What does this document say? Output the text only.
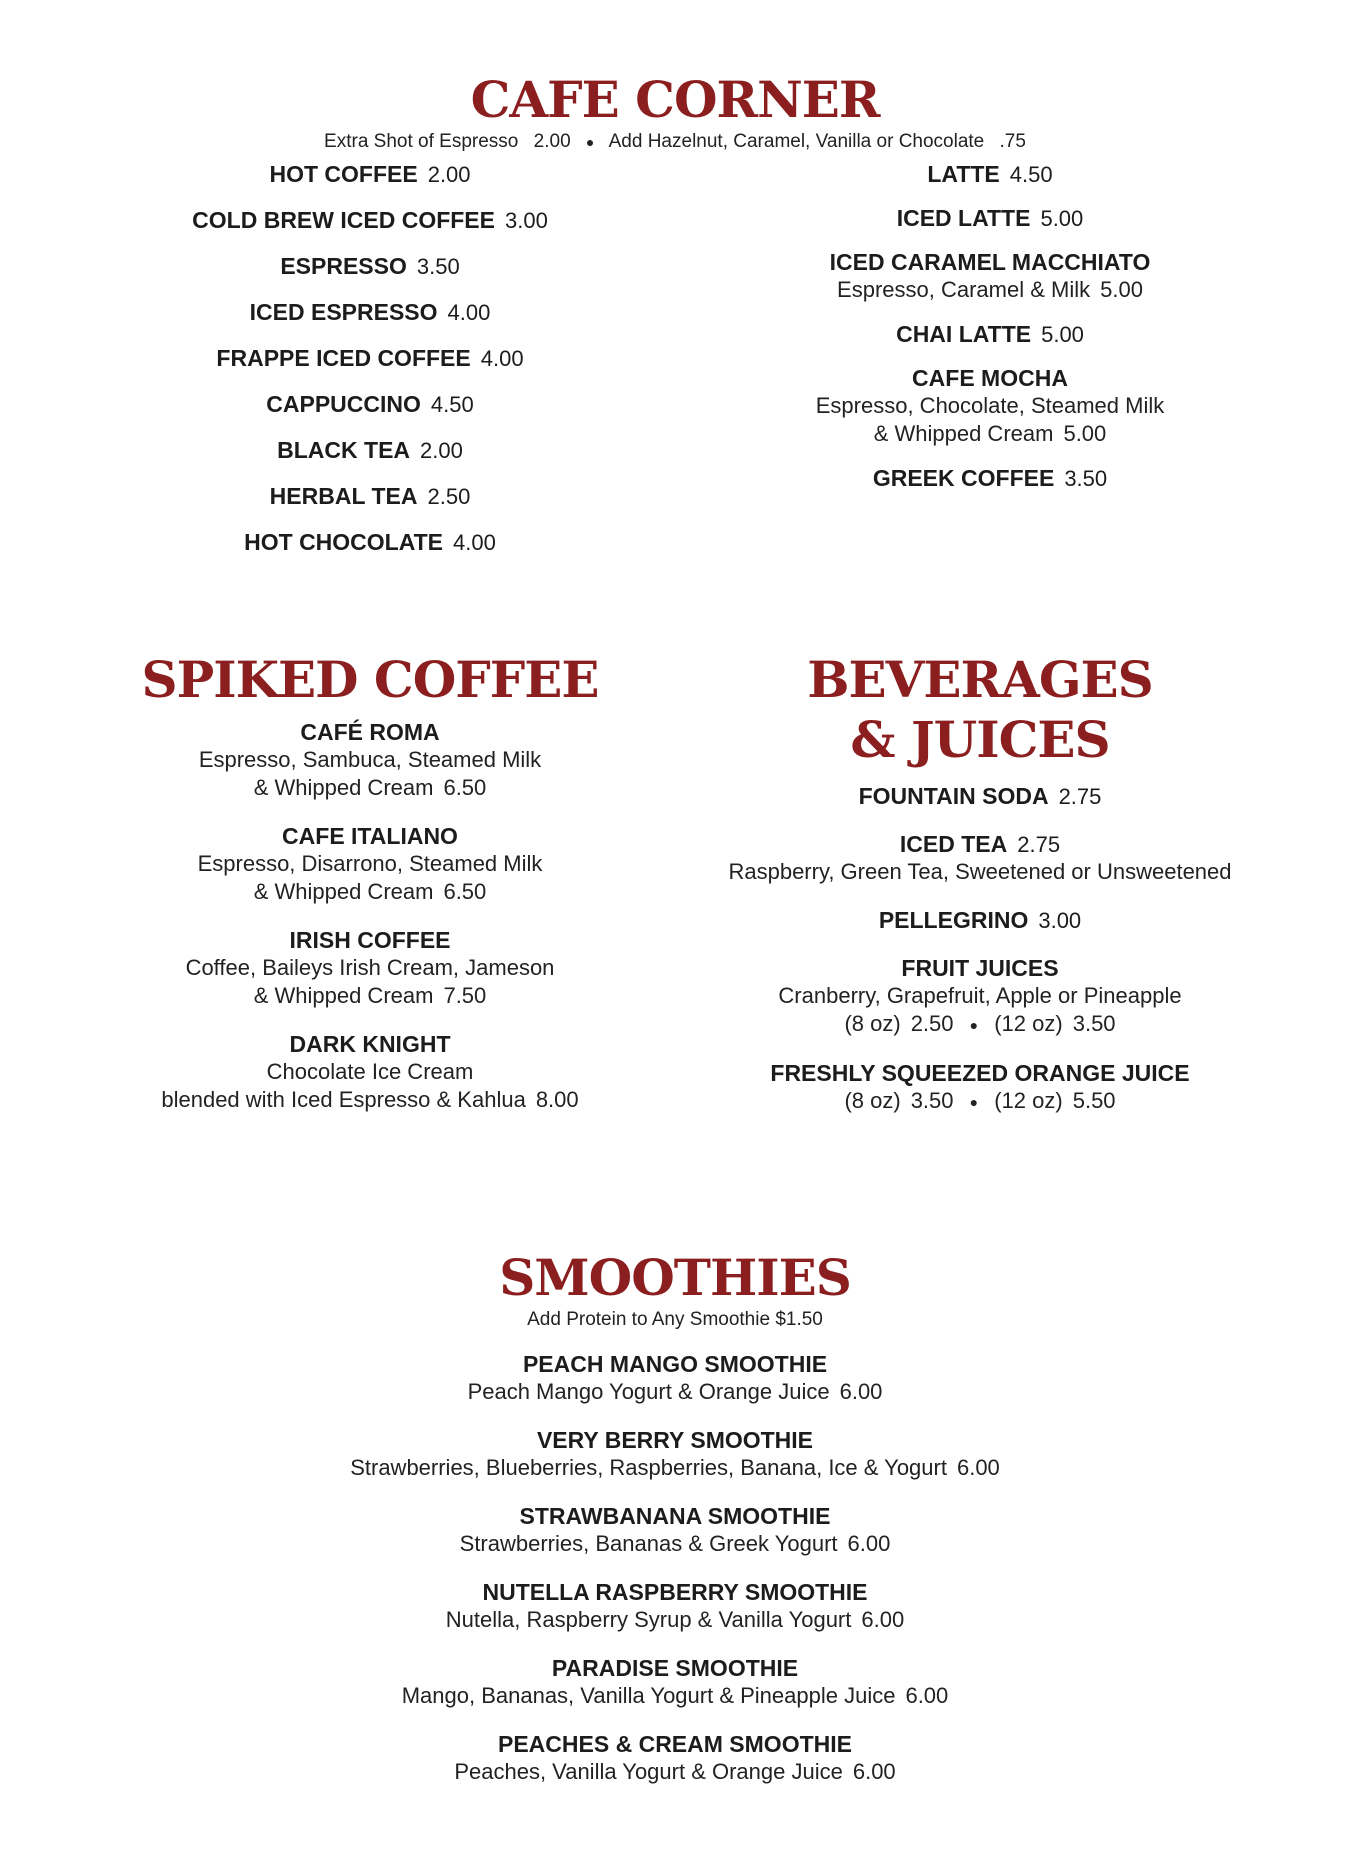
CAFE CORNER
Extra Shot of Espresso 2.00 ● Add Hazelnut, Caramel, Vanilla or Chocolate .75
HOT COFFEE 2.00
COLD BREW ICED COFFEE 3.00
ESPRESSO 3.50
ICED ESPRESSO 4.00
FRAPPE ICED COFFEE 4.00
CAPPUCCINO 4.50
BLACK TEA 2.00
HERBAL TEA 2.50
HOT CHOCOLATE 4.00
LATTE 4.50
ICED LATTE 5.00
ICED CARAMEL MACCHIATO
Espresso, Caramel & Milk 5.00
CHAI LATTE 5.00
CAFE MOCHA
Espresso, Chocolate, Steamed Milk
& Whipped Cream 5.00
GREEK COFFEE 3.50
SPIKED COFFEE
CAFÉ ROMA
Espresso, Sambuca, Steamed Milk
& Whipped Cream 6.50
CAFE ITALIANO
Espresso, Disarrono, Steamed Milk
& Whipped Cream 6.50
IRISH COFFEE
Coffee, Baileys Irish Cream, Jameson
& Whipped Cream 7.50
DARK KNIGHT
Chocolate Ice Cream
blended with Iced Espresso & Kahlua 8.00
BEVERAGES
& JUICES
FOUNTAIN SODA 2.75
ICED TEA 2.75
Raspberry, Green Tea, Sweetened or Unsweetened
PELLEGRINO 3.00
FRUIT JUICES
Cranberry, Grapefruit, Apple or Pineapple
(8 oz) 2.50 ● (12 oz) 3.50
FRESHLY SQUEEZED ORANGE JUICE
(8 oz) 3.50 ● (12 oz) 5.50
SMOOTHIES
Add Protein to Any Smoothie $1.50
PEACH MANGO SMOOTHIE
Peach Mango Yogurt & Orange Juice 6.00
VERY BERRY SMOOTHIE
Strawberries, Blueberries, Raspberries, Banana, Ice & Yogurt 6.00
STRAWBANANA SMOOTHIE
Strawberries, Bananas & Greek Yogurt 6.00
NUTELLA RASPBERRY SMOOTHIE
Nutella, Raspberry Syrup & Vanilla Yogurt 6.00
PARADISE SMOOTHIE
Mango, Bananas, Vanilla Yogurt & Pineapple Juice 6.00
PEACHES & CREAM SMOOTHIE
Peaches, Vanilla Yogurt & Orange Juice 6.00
